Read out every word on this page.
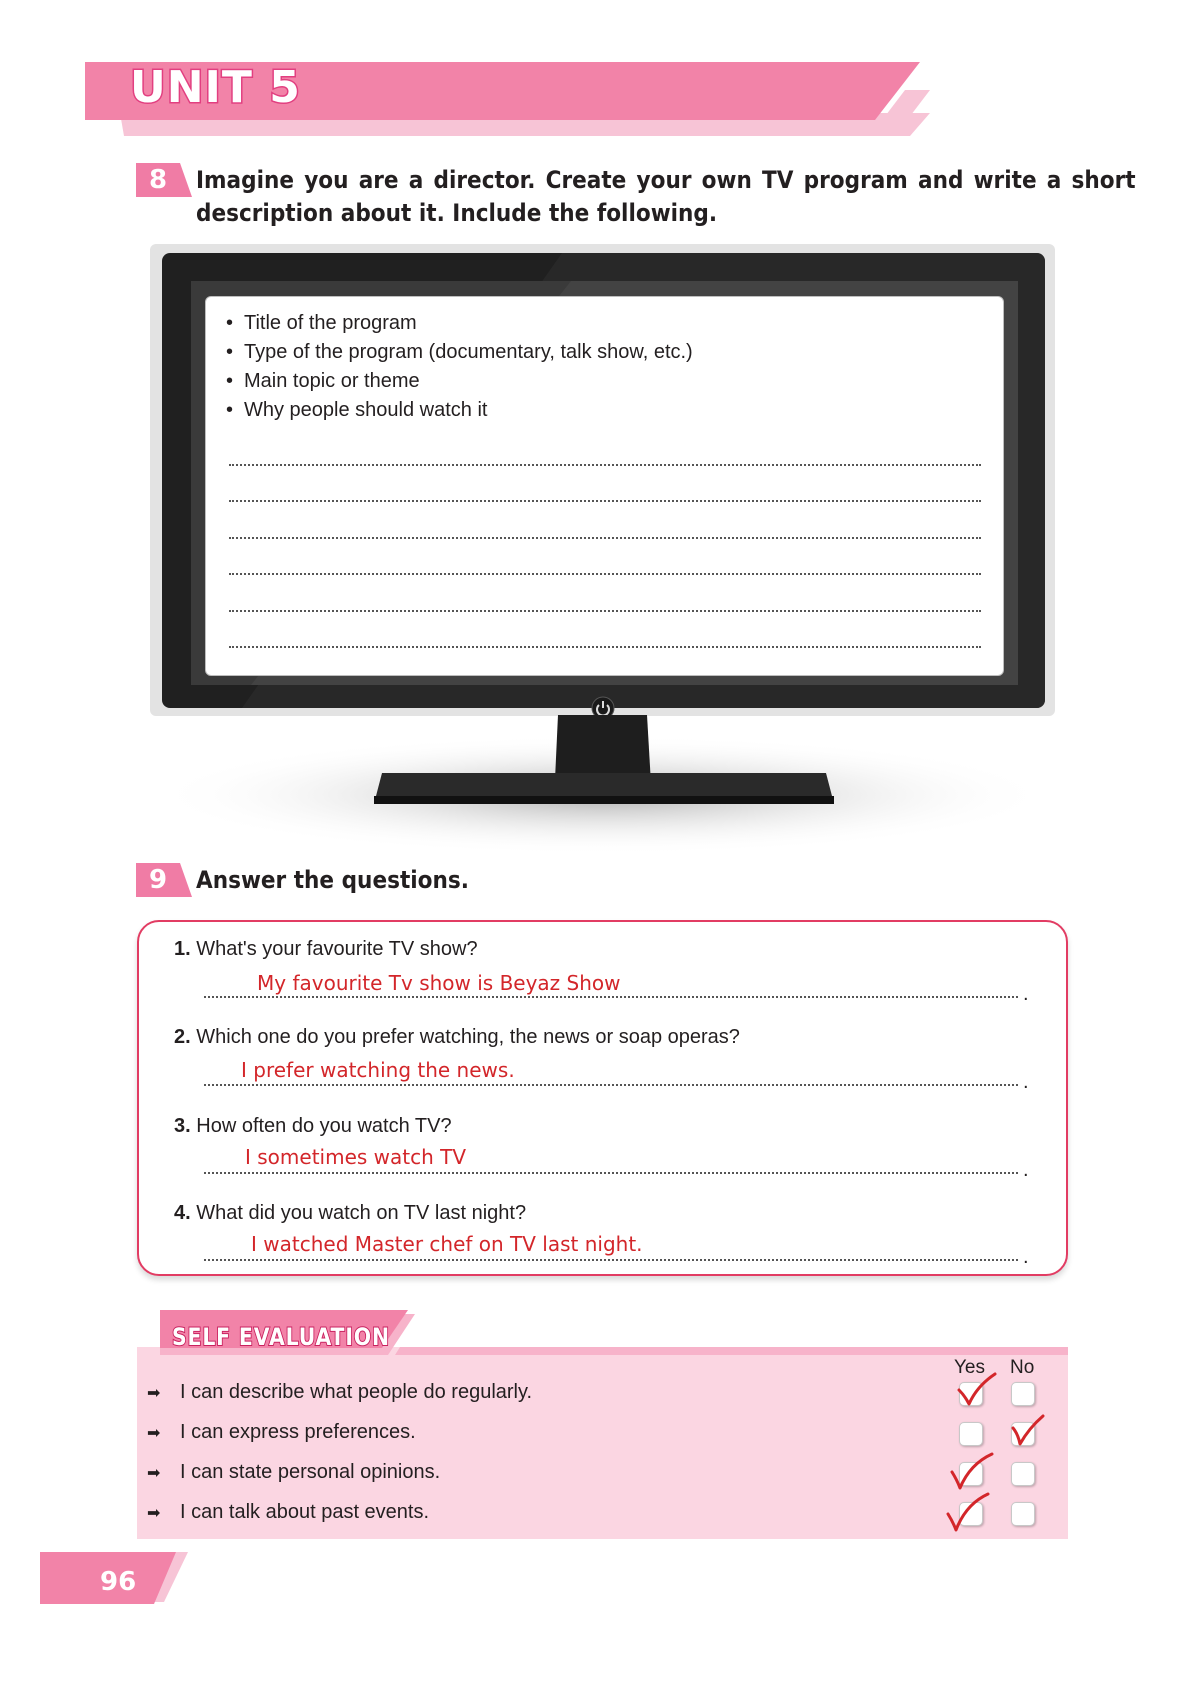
UNIT 5
8	Imagine you are a director. Create your own TV program and write a short description about it. Include the following.
• Title of the program
• Type of the program (documentary, talk show, etc.)
• Main topic or theme
• Why people should watch it
9	Answer the questions.
1. What's your favourite TV show?
My favourite Tv show is Beyaz Show
2. Which one do you prefer watching, the news or soap operas?
I prefer watching the news.
3. How often do you watch TV?
I sometimes watch TV
4. What did you watch on TV last night?
I watched Master chef on TV last night.
.
.
.
.
SELF EVALUATION
Yes No
➡ I can describe what people do regularly.
➡ I can express preferences.
➡ I can state personal opinions.
➡ I can talk about past events.
96
